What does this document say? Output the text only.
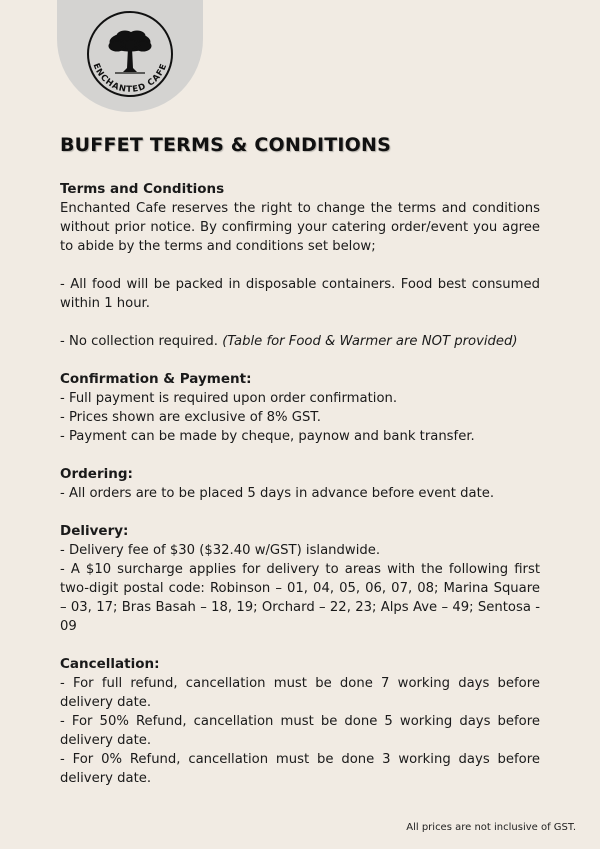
ENCHANTED CAFE
BUFFET TERMS & CONDITIONS
Terms and Conditions

Enchanted Cafe reserves the right to change the terms and conditions without prior notice. By confirming your catering order/event you agree to abide by the terms and conditions set below;

- All food will be packed in disposable containers. Food best consumed within 1 hour.

- No collection required. (Table for Food & Warmer are NOT provided)

Confirmation & Payment:

- Full payment is required upon order confirmation.

- Prices shown are exclusive of 8% GST.

- Payment can be made by cheque, paynow and bank transfer.

Ordering:

- All orders are to be placed 5 days in advance before event date.

Delivery:

- Delivery fee of $30 ($32.40 w/GST) islandwide.

- A $10 surcharge applies for delivery to areas with the following first two-digit postal code: Robinson – 01, 04, 05, 06, 07, 08; Marina Square – 03, 17; Bras Basah – 18, 19; Orchard – 22, 23; Alps Ave – 49; Sentosa - 09

Cancellation:

- For full refund, cancellation must be done 7 working days before delivery date.

- For 50% Refund, cancellation must be done 5 working days before delivery date.

- For 0% Refund, cancellation must be done 3 working days before delivery date.

All prices are not inclusive of GST.
